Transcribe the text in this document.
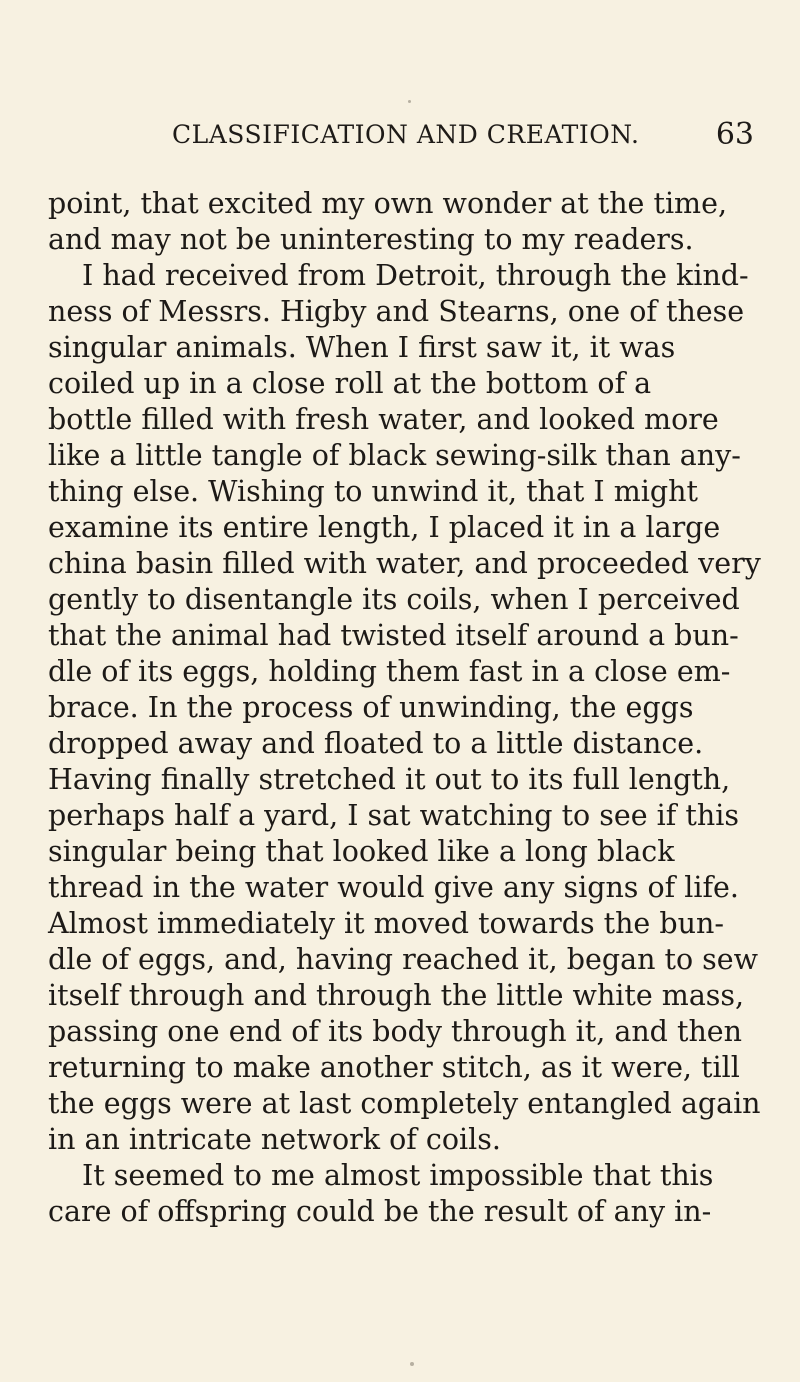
CLASSIFICATION AND CREATION.	63
point, that excited my own wonder at the time,
and may not be uninteresting to my readers.
I had received from Detroit, through the kind-
ness of Messrs. Higby and Stearns, one of these
singular animals. When I first saw it, it was
coiled up in a close roll at the bottom of a
bottle filled with fresh water, and looked more
like a little tangle of black sewing-silk than any-
thing else. Wishing to unwind it, that I might
examine its entire length, I placed it in a large
china basin filled with water, and proceeded very
gently to disentangle its coils, when I perceived
that the animal had twisted itself around a bun-
dle of its eggs, holding them fast in a close em-
brace. In the process of unwinding, the eggs
dropped away and floated to a little distance.
Having finally stretched it out to its full length,
perhaps half a yard, I sat watching to see if this
singular being that looked like a long black
thread in the water would give any signs of life.
Almost immediately it moved towards the bun-
dle of eggs, and, having reached it, began to sew
itself through and through the little white mass,
passing one end of its body through it, and then
returning to make another stitch, as it were, till
the eggs were at last completely entangled again
in an intricate network of coils.
It seemed to me almost impossible that this
care of offspring could be the result of any in-
